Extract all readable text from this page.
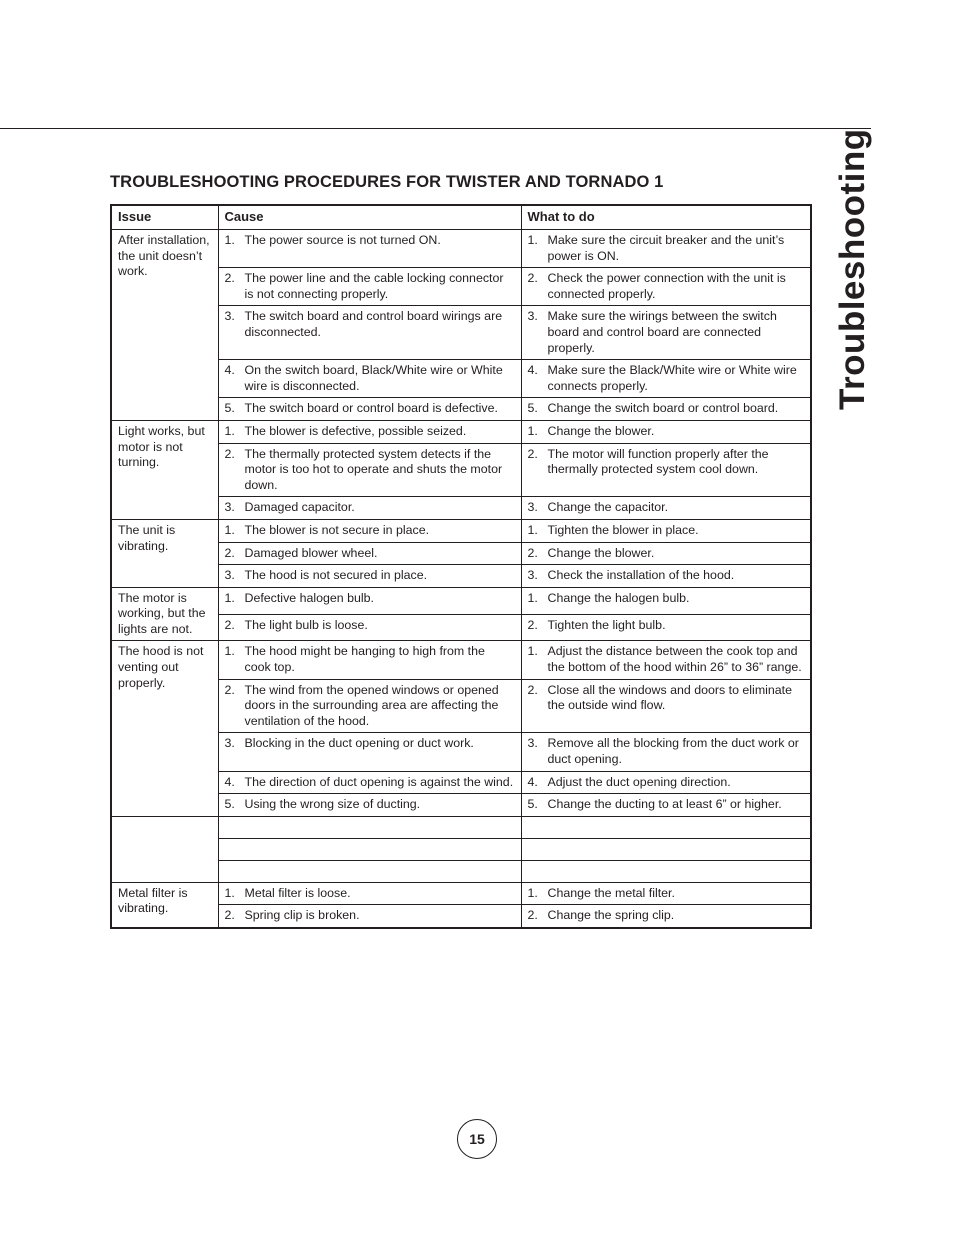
Troubleshooting
TROUBLESHOOTING PROCEDURES FOR TWISTER AND TORNADO 1
Issue	Cause	What to do
After installation, the unit doesn’t work.	1. The power source is not turned ON.	1. Make sure the circuit breaker and the unit’s power is ON.

	2. The power line and the cable locking connector is not connecting properly.	2. Check the power connection with the unit is connected properly.

	3. The switch board and control board wirings are disconnected.	3. Make sure the wirings between the switch board and control board are connected properly.

	4. On the switch board, Black/White wire or White wire is disconnected.	4. Make sure the Black/White wire or White wire connects properly.

	5. The switch board or control board is defective.	5. Change the switch board or control board.

Light works, but motor is not turning.	1. The blower is defective, possible seized.	1. Change the blower.

	2. The thermally protected system detects if the motor is too hot to operate and shuts the motor down.	2. The motor will function properly after the thermally protected system cool down.

	3. Damaged capacitor.	3. Change the capacitor.

The unit is vibrating.	1. The blower is not secure in place.	1. Tighten the blower in place.

	2. Damaged blower wheel.	2. Change the blower.

	3. The hood is not secured in place.	3. Check the installation of the hood.

The motor is working, but the lights are not.	1. Defective halogen bulb.	1. Change the halogen bulb.

	2. The light bulb is loose.	2. Tighten the light bulb.

The hood is not venting out properly.	1. The hood might be hanging to high from the cook top.	1. Adjust the distance between the cook top and the bottom of the hood within 26” to 36” range.

	2. The wind from the opened windows or opened doors in the surrounding area are affecting the ventilation of the hood.	2. Close all the windows and doors to eliminate the outside wind flow.

	3. Blocking in the duct opening or duct work.	3. Remove all the blocking from the duct work or duct opening.

	4. The direction of duct opening is against the wind.	4. Adjust the duct opening direction.

	5. Using the wrong size of ducting.	5. Change the ducting to at least 6” or higher.

Metal filter is vibrating.	1. Metal filter is loose.	1. Change the metal filter.

	2. Spring clip is broken.	2. Change the spring clip.
15
